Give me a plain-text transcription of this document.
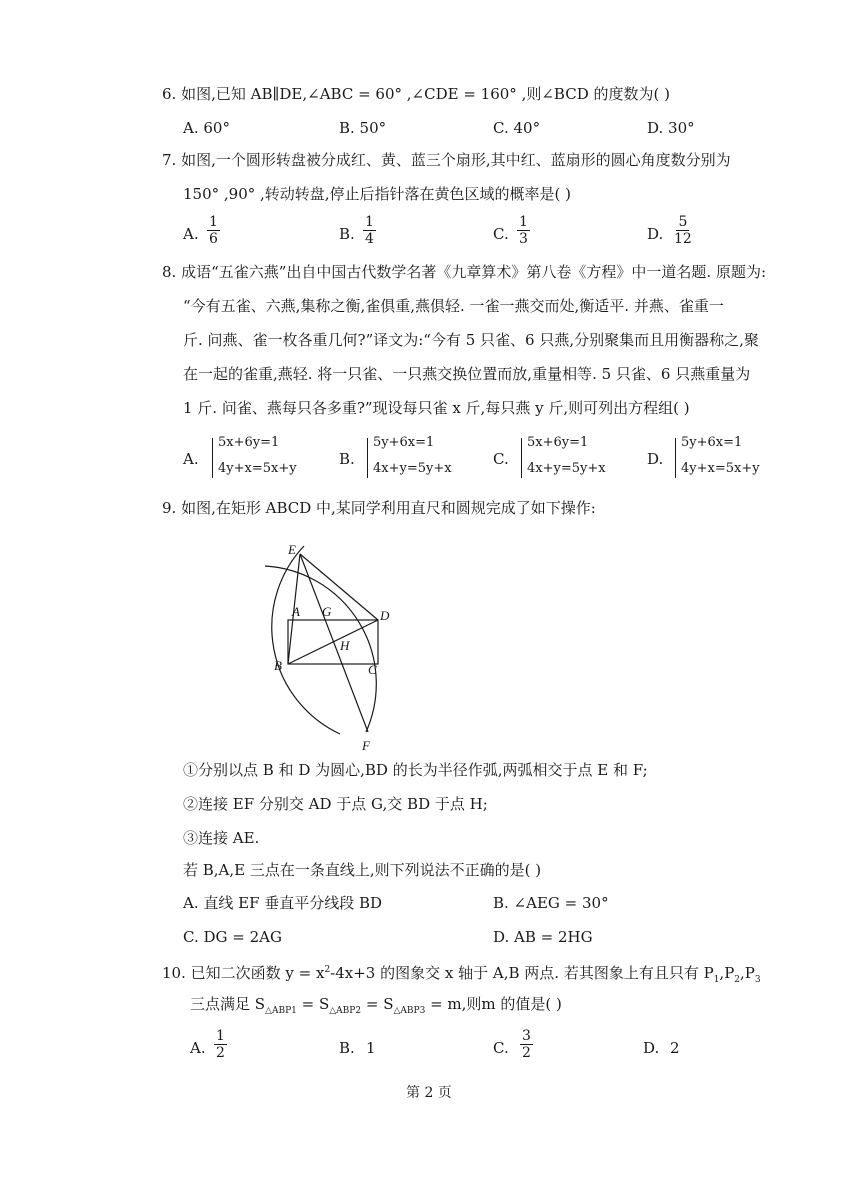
6. 如图,已知 AB∥DE,∠ABC = 60° ,∠CDE = 160° ,则∠BCD 的度数为( )
A. 60°	B. 50°	C. 40°	D. 30°
7. 如图,一个圆形转盘被分成红、黄、蓝三个扇形,其中红、蓝扇形的圆心角度数分别为
150° ,90° ,转动转盘,停止后指针落在黄色区域的概率是( )
A. $\frac{1}{6}$	B. $\frac{1}{4}$	C. $\frac{1}{3}$	D. $\frac{5}{12}$
8. 成语“五雀六燕”出自中国古代数学名著《九章算术》第八卷《方程》中一道名题. 原题为:
“今有五雀、六燕,集称之衡,雀俱重,燕俱轻. 一雀一燕交而处,衡适平. 并燕、雀重一
斤. 问燕、雀一枚各重几何?”译文为:“今有 5 只雀、6 只燕,分别聚集而且用衡器称之,聚
在一起的雀重,燕轻. 将一只雀、一只燕交换位置而放,重量相等. 5 只雀、6 只燕重量为
1 斤. 问雀、燕每只各多重?”现设每只雀 x 斤,每只燕 y 斤,则可列出方程组( )
A.
5x+6y=1
4y+x=5x+y
B.
5y+6x=1
4x+y=5y+x
C.
5x+6y=1
4x+y=5y+x
D.
5y+6x=1
4y+x=5x+y
9. 如图,在矩形 ABCD 中,某同学利用直尺和圆规完成了如下操作:
E
A G	D
H
B	C
F
①分别以点 B 和 D 为圆心,BD 的长为半径作弧,两弧相交于点 E 和 F;
②连接 EF 分别交 AD 于点 G,交 BD 于点 H;
③连接 AE.
若 B,A,E 三点在一条直线上,则下列说法不正确的是( )
A. 直线 EF 垂直平分线段 BD	B. ∠AEG = 30°
C. DG = 2AG	D. AB = 2HG
10. 已知二次函数 $y = x^2-4x+3$ 的图象交 x 轴于 A,B 两点. 若其图象上有且只有 $P_1,P_2,P_3$
三点满足 $S_{\triangle ABP1} = S_{\triangle ABP2} = S_{\triangle ABP3} = m$,则m 的值是( )
A. $\frac{1}{2}$	B. 1	C. $\frac{3}{2}$	D. 2
第 2 页
